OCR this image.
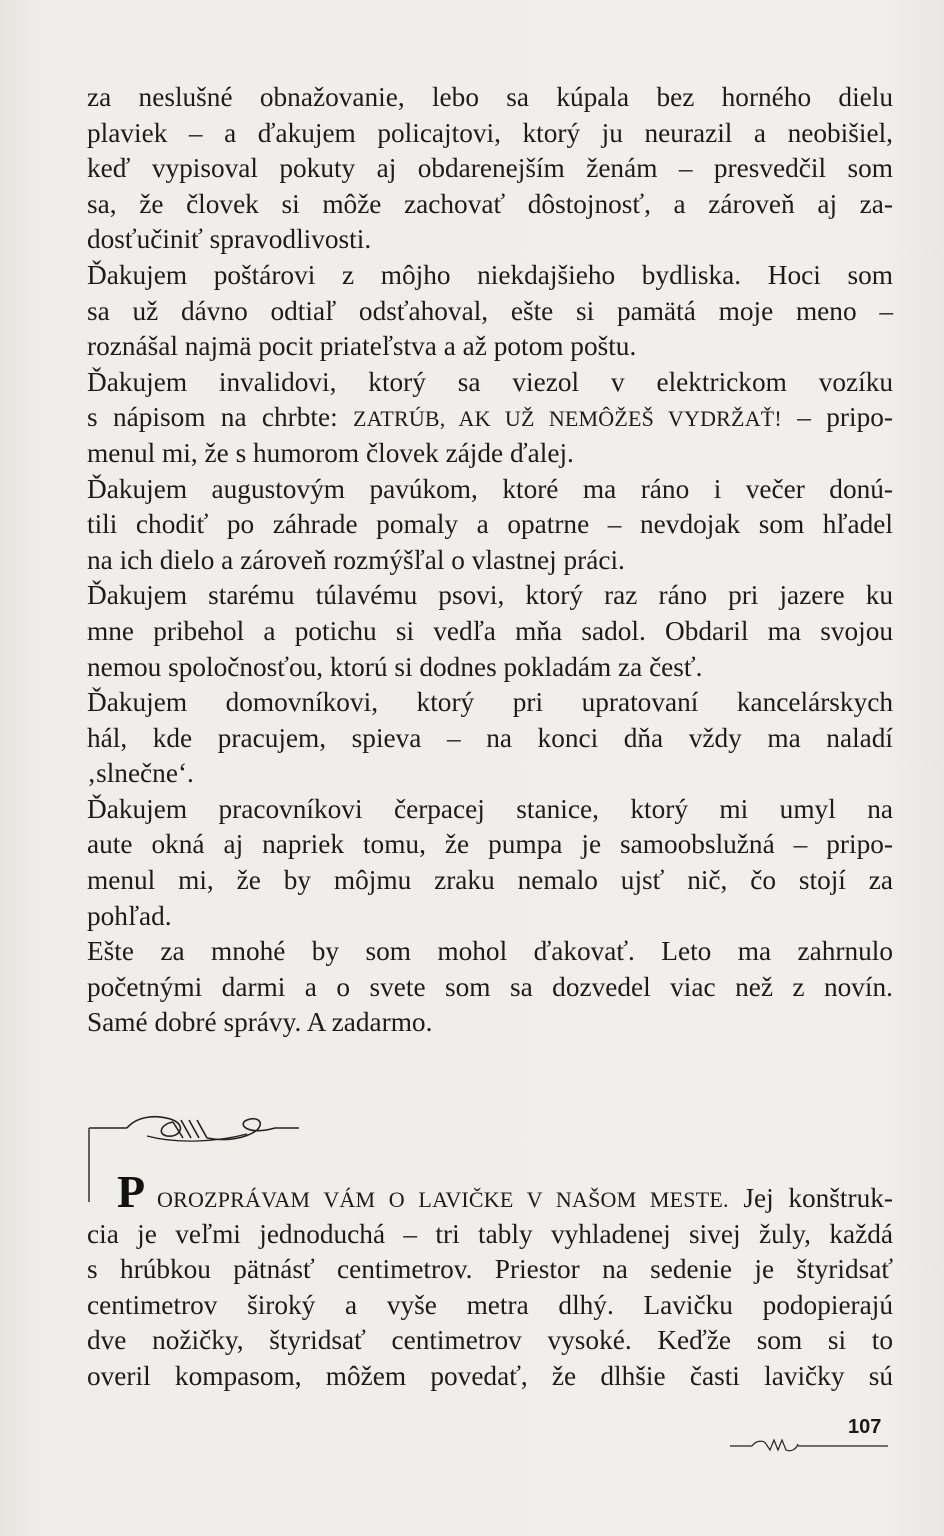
za neslušné obnažovanie, lebo sa kúpala bez horného dielu
plaviek – a ďakujem policajtovi, ktorý ju neurazil a neobišiel,
keď vypisoval pokuty aj obdarenejším ženám – presvedčil som
sa, že človek si môže zachovať dôstojnosť, a zároveň aj za-
dosťučiniť spravodlivosti.
Ďakujem poštárovi z môjho niekdajšieho bydliska. Hoci som
sa už dávno odtiaľ odsťahoval, ešte si pamätá moje meno –
roznášal najmä pocit priateľstva a až potom poštu.
Ďakujem invalidovi, ktorý sa viezol v elektrickom vozíku
s nápisom na chrbte: ZATRÚB, AK UŽ NEMÔŽEŠ VYDRŽAŤ! – pripo-
menul mi, že s humorom človek zájde ďalej.
Ďakujem augustovým pavúkom, ktoré ma ráno i večer donú-
tili chodiť po záhrade pomaly a opatrne – nevdojak som hľadel
na ich dielo a zároveň rozmýšľal o vlastnej práci.
Ďakujem starému túlavému psovi, ktorý raz ráno pri jazere ku
mne pribehol a potichu si vedľa mňa sadol. Obdaril ma svojou
nemou spoločnosťou, ktorú si dodnes pokladám za česť.
Ďakujem domovníkovi, ktorý pri upratovaní kancelárskych
hál, kde pracujem, spieva – na konci dňa vždy ma naladí
‚slnečne‘.
Ďakujem pracovníkovi čerpacej stanice, ktorý mi umyl na
aute okná aj napriek tomu, že pumpa je samoobslužná – pripo-
menul mi, že by môjmu zraku nemalo ujsť nič, čo stojí za
pohľad.
Ešte za mnohé by som mohol ďakovať. Leto ma zahrnulo
početnými darmi a o svete som sa dozvedel viac než z novín.
Samé dobré správy. A zadarmo.
P OROZPRÁVAM VÁM O LAVIČKE V NAŠOM MESTE. Jej konštruk-
cia je veľmi jednoduchá – tri tably vyhladenej sivej žuly, každá
s hrúbkou pätnásť centimetrov. Priestor na sedenie je štyridsať
centimetrov široký a vyše metra dlhý. Lavičku podopierajú
dve nožičky, štyridsať centimetrov vysoké. Keďže som si to
overil kompasom, môžem povedať, že dlhšie časti lavičky sú
107
